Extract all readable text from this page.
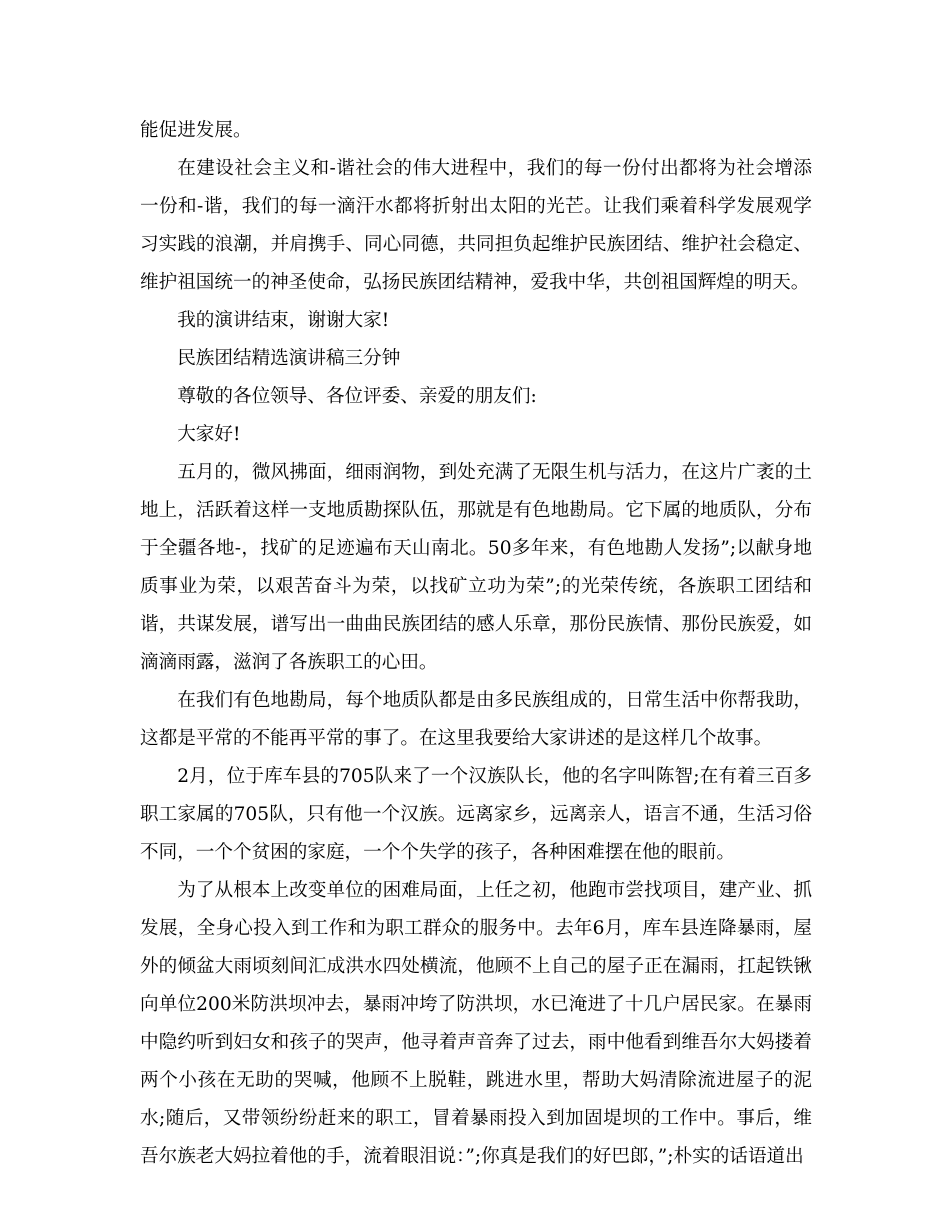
能促进发展。

在建设社会主义和-谐社会的伟大进程中，我们的每一份付出都将为社会增添一份和-谐，我们的每一滴汗水都将折射出太阳的光芒。让我们乘着科学发展观学习实践的浪潮，并肩携手、同心同德，共同担负起维护民族团结、维护社会稳定、维护祖国统一的神圣使命，弘扬民族团结精神，爱我中华，共创祖国辉煌的明天。

我的演讲结束，谢谢大家!

民族团结精选演讲稿三分钟

尊敬的各位领导、各位评委、亲爱的朋友们:

大家好!

五月的，微风拂面，细雨润物，到处充满了无限生机与活力，在这片广袤的土地上，活跃着这样一支地质勘探队伍，那就是有色地勘局。它下属的地质队，分布于全疆各地-，找矿的足迹遍布天山南北。50多年来，有色地勘人发扬”;以献身地质事业为荣，以艰苦奋斗为荣，以找矿立功为荣”;的光荣传统，各族职工团结和谐，共谋发展，谱写出一曲曲民族团结的感人乐章，那份民族情、那份民族爱，如滴滴雨露，滋润了各族职工的心田。

在我们有色地勘局，每个地质队都是由多民族组成的，日常生活中你帮我助，这都是平常的不能再平常的事了。在这里我要给大家讲述的是这样几个故事。

2月，位于库车县的705队来了一个汉族队长，他的名字叫陈智;在有着三百多职工家属的705队，只有他一个汉族。远离家乡，远离亲人，语言不通，生活习俗不同，一个个贫困的家庭，一个个失学的孩子，各种困难摆在他的眼前。

为了从根本上改变单位的困难局面，上任之初，他跑市尝找项目，建产业、抓发展，全身心投入到工作和为职工群众的服务中。去年6月，库车县连降暴雨，屋外的倾盆大雨顷刻间汇成洪水四处横流，他顾不上自己的屋子正在漏雨，扛起铁锹向单位200米防洪坝冲去，暴雨冲垮了防洪坝，水已淹进了十几户居民家。在暴雨中隐约听到妇女和孩子的哭声，他寻着声音奔了过去，雨中他看到维吾尔大妈搂着两个小孩在无助的哭喊，他顾不上脱鞋，跳进水里，帮助大妈清除流进屋子的泥水;随后，又带领纷纷赶来的职工，冒着暴雨投入到加固堤坝的工作中。事后，维吾尔族老大妈拉着他的手，流着眼泪说：”;你真是我们的好巴郎，”;朴实的话语道出
